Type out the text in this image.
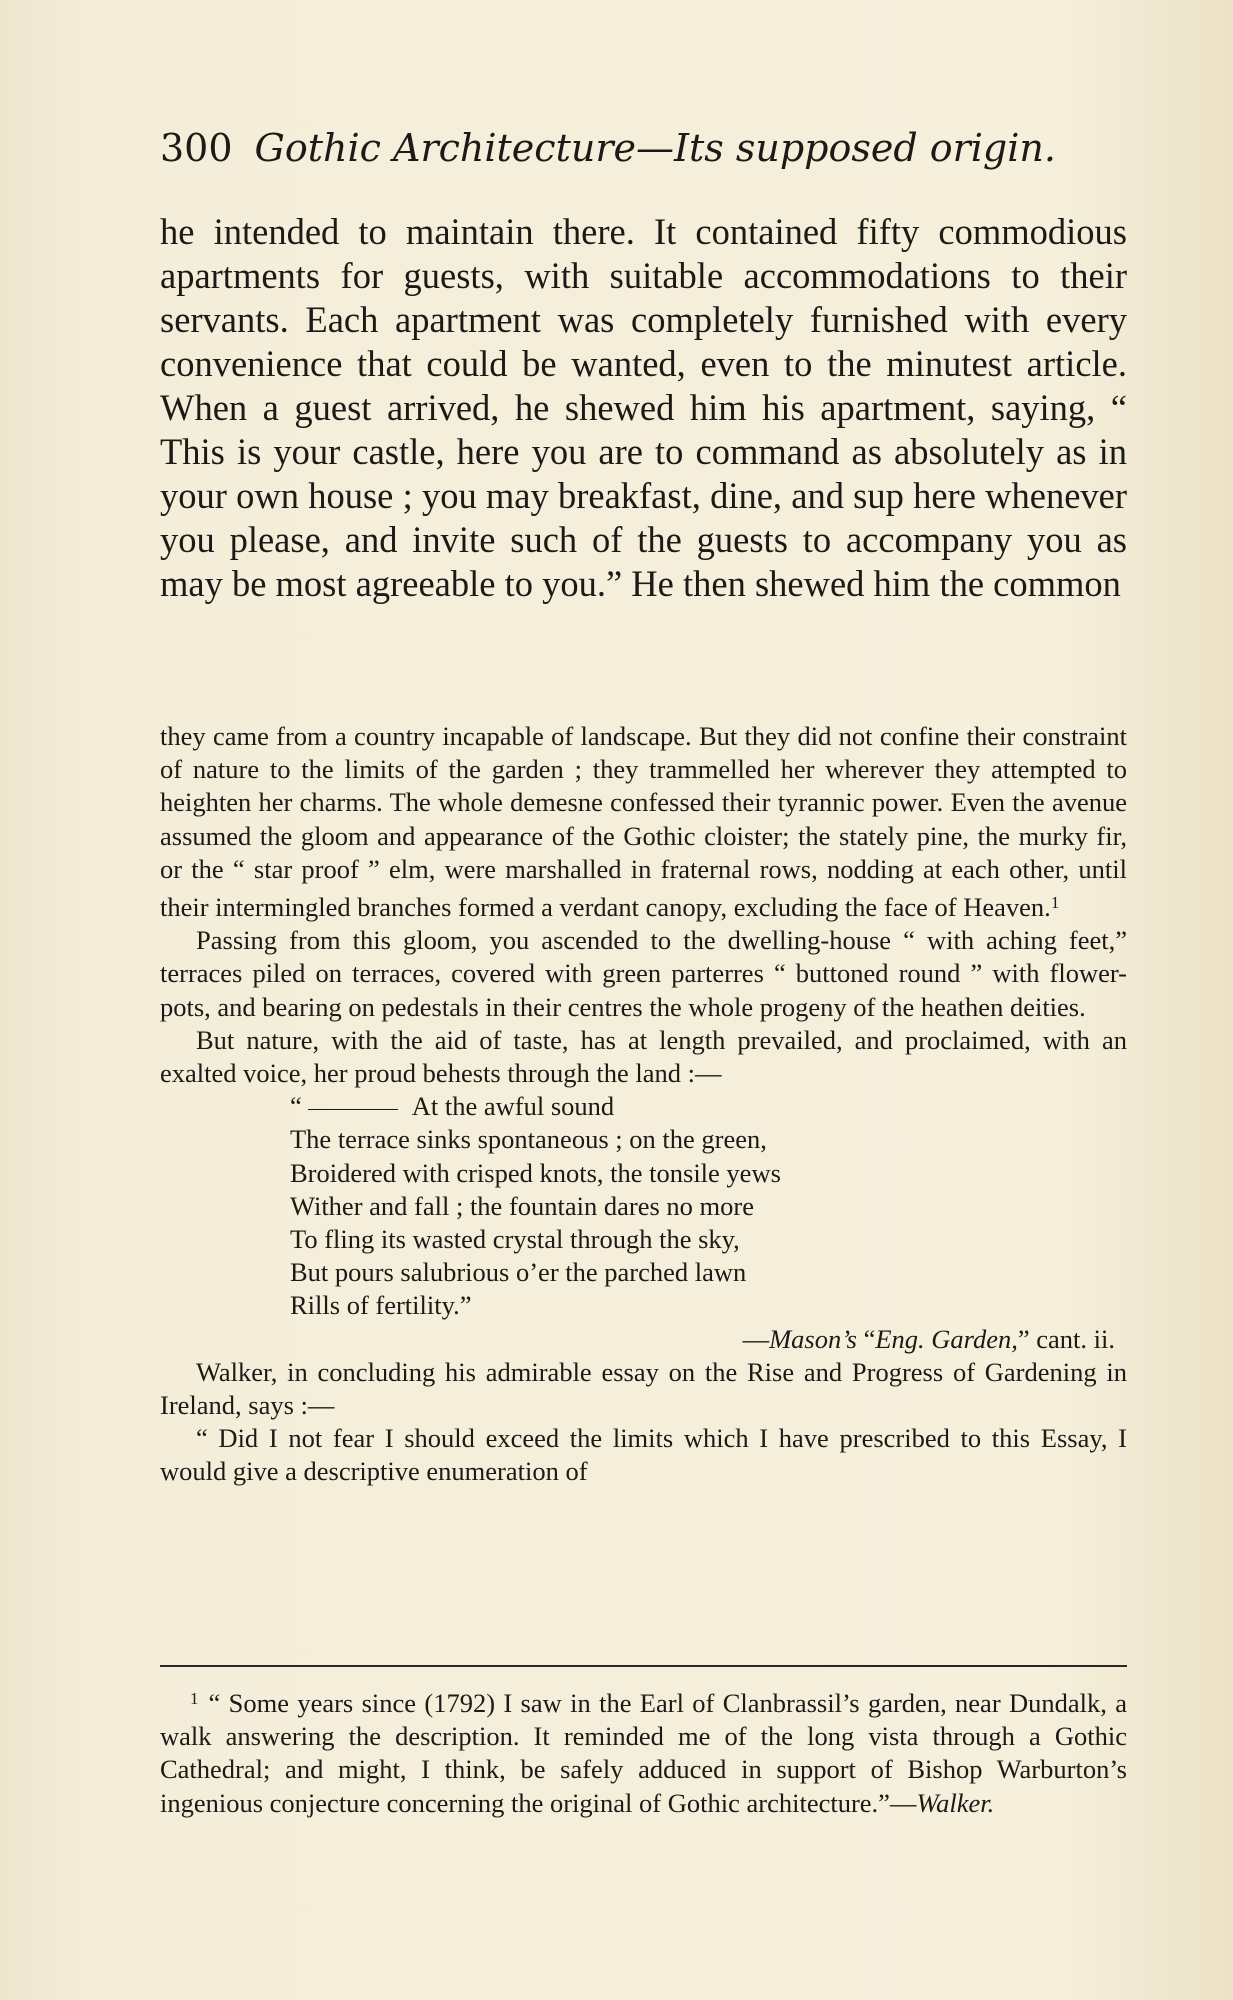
300 Gothic Architecture—Its supposed origin.

he intended to maintain there. It contained fifty commodious apartments for guests, with suitable accommodations to their servants. Each apartment was completely furnished with every convenience that could be wanted, even to the minutest article. When a guest arrived, he shewed him his apartment, saying, “ This is your castle, here you are to command as absolutely as in your own house ; you may breakfast, dine, and sup here whenever you please, and invite such of the guests to accompany you as may be most agreeable to you.” He then shewed him the common

they came from a country incapable of landscape. But they did not confine their constraint of nature to the limits of the garden ; they trammelled her wherever they attempted to heighten her charms. The whole demesne confessed their tyrannic power. Even the avenue assumed the gloom and appearance of the Gothic cloister; the stately pine, the murky fir, or the “ star proof ” elm, were marshalled in fraternal rows, nodding at each other, until their intermingled branches formed a verdant canopy, excluding the face of Heaven.$^1$

Passing from this gloom, you ascended to the dwelling-house “ with aching feet,” terraces piled on terraces, covered with green parterres “ buttoned round ” with flower-pots, and bearing on pedestals in their centres the whole progeny of the heathen deities.

But nature, with the aid of taste, has at length prevailed, and proclaimed, with an exalted voice, her proud behests through the land :—

“	At the awful sound
The terrace sinks spontaneous ; on the green,
Broidered with crisped knots, the tonsile yews
Wither and fall ; the fountain dares no more
To fling its wasted crystal through the sky,
But pours salubrious o’er the parched lawn
Rills of fertility.”
—Mason’s “Eng. Garden,” cant. ii.

Walker, in concluding his admirable essay on the Rise and Progress of Gardening in Ireland, says :—

“ Did I not fear I should exceed the limits which I have prescribed to this Essay, I would give a descriptive enumeration of

$^1$ “ Some years since (1792) I saw in the Earl of Clanbrassil’s garden, near Dundalk, a walk answering the description. It reminded me of the long vista through a Gothic Cathedral; and might, I think, be safely adduced in support of Bishop Warburton’s ingenious conjecture concerning the original of Gothic architecture.”—Walker.
